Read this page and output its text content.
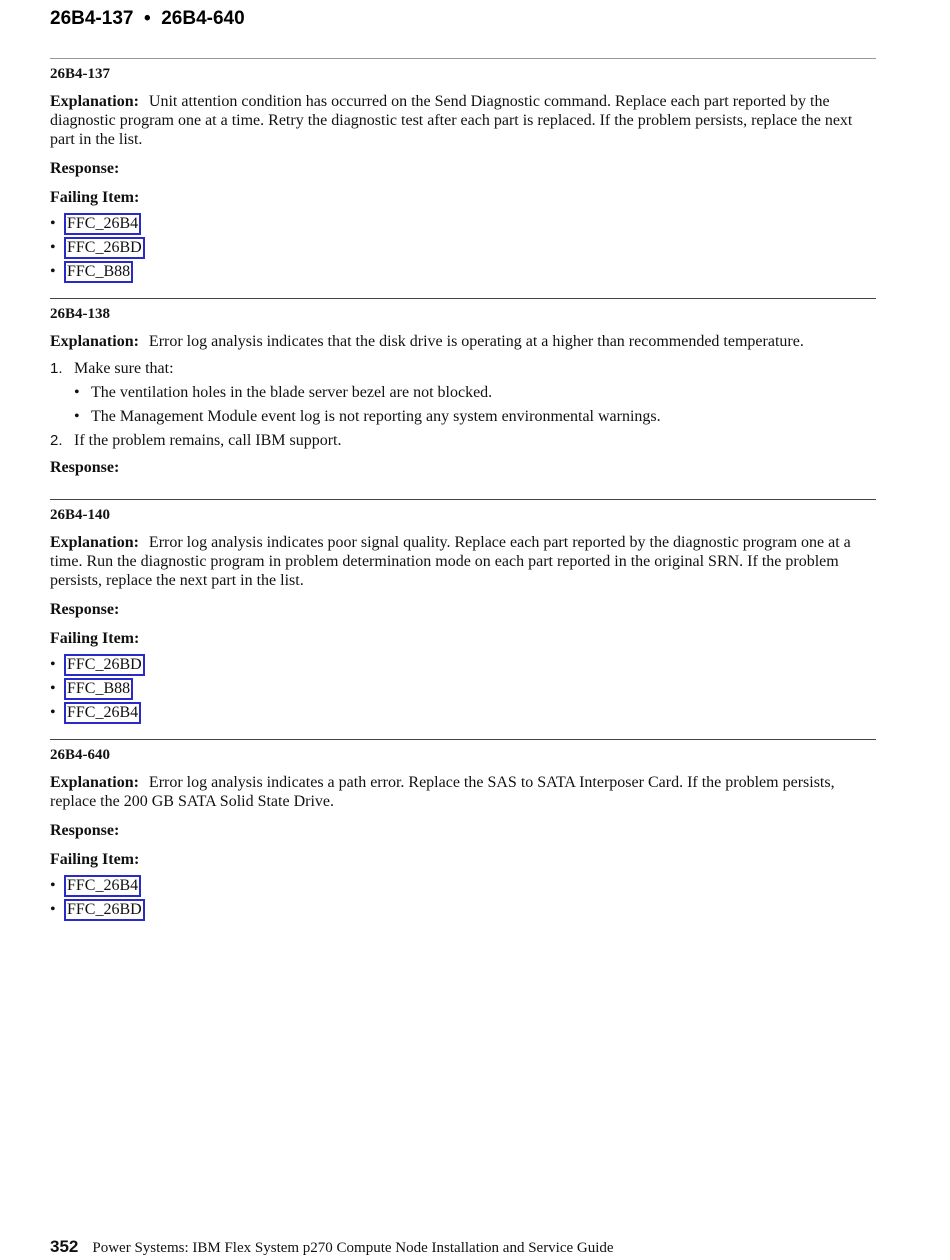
26B4-137  •  26B4-640

26B4-137

Explanation: Unit attention condition has occurred on the Send Diagnostic command. Replace each part reported by the diagnostic program one at a time. Retry the diagnostic test after each part is replaced. If the problem persists, replace the next part in the list.

Response:

Failing Item:

• FFC_26B4
• FFC_26BD
• FFC_B88

26B4-138

Explanation: Error log analysis indicates that the disk drive is operating at a higher than recommended temperature.

1. Make sure that:
• The ventilation holes in the blade server bezel are not blocked.
• The Management Module event log is not reporting any system environmental warnings.
2. If the problem remains, call IBM support.

Response:

26B4-140

Explanation: Error log analysis indicates poor signal quality. Replace each part reported by the diagnostic program one at a time. Run the diagnostic program in problem determination mode on each part reported in the original SRN. If the problem persists, replace the next part in the list.

Response:

Failing Item:

• FFC_26BD
• FFC_B88
• FFC_26B4

26B4-640

Explanation: Error log analysis indicates a path error. Replace the SAS to SATA Interposer Card. If the problem persists, replace the 200 GB SATA Solid State Drive.

Response:

Failing Item:

• FFC_26B4
• FFC_26BD
352 Power Systems: IBM Flex System p270 Compute Node Installation and Service Guide
